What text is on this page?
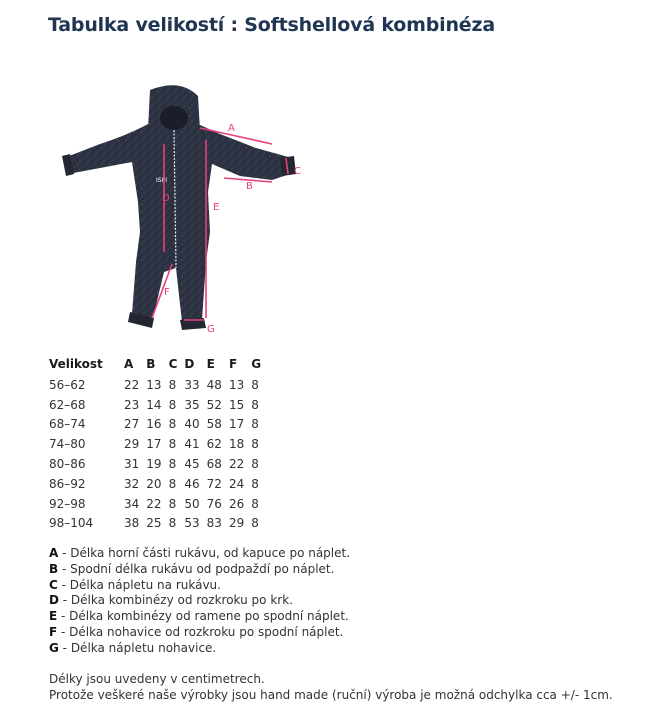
Tabulka velikostí : Softshellová kombinéza
ISPI
A
B
C
D
E
F
G
Velikost	A	B	C	D	E	F	G
56–62	22	13	8	33	48	13	8
62–68	23	14	8	35	52	15	8
68–74	27	16	8	40	58	17	8
74–80	29	17	8	41	62	18	8
80–86	31	19	8	45	68	22	8
86–92	32	20	8	46	72	24	8
92–98	34	22	8	50	76	26	8
98–104	38	25	8	53	83	29	8
A - Délka horní části rukávu, od kapuce po náplet.
B - Spodní délka rukávu od podpaždí po náplet.
C - Délka nápletu na rukávu.
D - Délka kombinézy od rozkroku po krk.
E - Délka kombinézy od ramene po spodní náplet.
F - Délka nohavice od rozkroku po spodní náplet.
G - Délka nápletu nohavice.
Délky jsou uvedeny v centimetrech.
Protože veškeré naše výrobky jsou hand made (ruční) výroba je možná odchylka cca +/- 1cm.
